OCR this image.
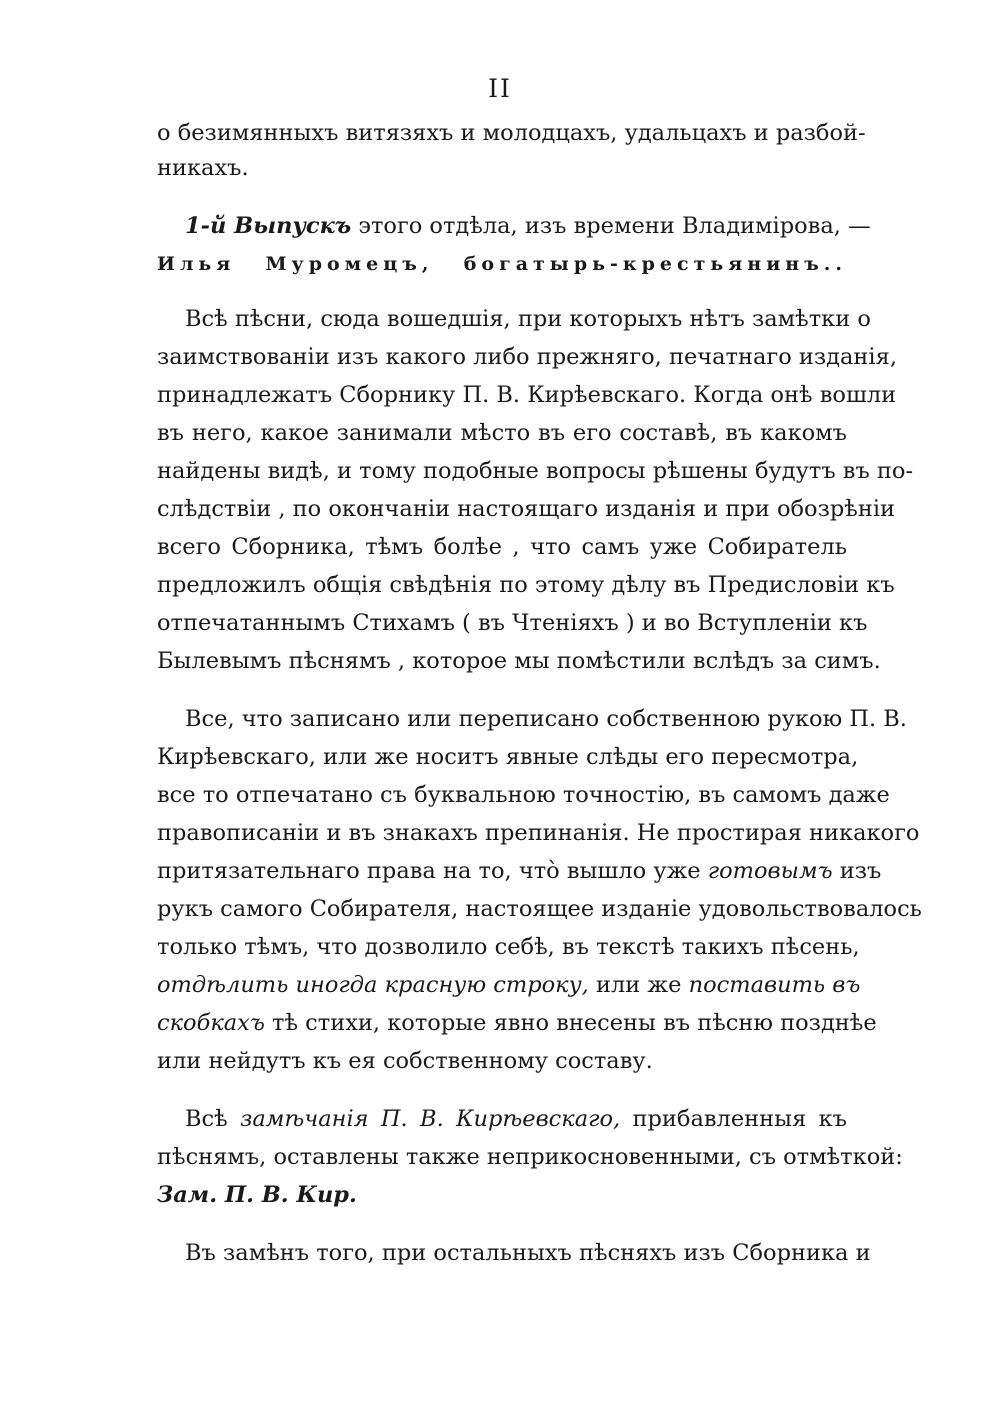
II
о безимянныхъ витязяхъ и молодцахъ, удальцахъ и разбой-
никахъ.
1-й Выпускъ этого отдѣла, изъ времени Владимірова, —
Илья Муромецъ, богатырь-крестьянинъ..
Всѣ пѣсни, сюда вошедшія, при которыхъ нѣтъ замѣтки о
заимствованіи изъ какого либо прежняго, печатнаго изданія,
принадлежатъ Сборнику П. В. Кирѣевскаго. Когда онѣ вошли
въ него, какое занимали мѣсто въ его составѣ, въ какомъ
найдены видѣ, и тому подобные вопросы рѣшены будутъ въ по-
слѣдствіи , по окончаніи настоящаго изданія и при обозрѣніи
всего Сборника, тѣмъ болѣе , что самъ уже Собиратель
предложилъ общія свѣдѣнія по этому дѣлу въ Предисловіи къ
отпечатаннымъ Стихамъ ( въ Чтеніяхъ ) и во Вступленіи къ
Былевымъ пѣснямъ , которое мы помѣстили вслѣдъ за симъ.
Все, что записано или переписано собственною рукою П. В.
Кирѣевскаго, или же носитъ явные слѣды его пересмотра,
все то отпечатано съ буквальною точностію, въ самомъ даже
правописаніи и въ знакахъ препинанія. Не простирая никакого
притязательнаго права на то, что̀ вышло уже готовымъ изъ
рукъ самого Собирателя, настоящее изданіе удовольствовалось
только тѣмъ, что дозволило себѣ, въ текстѣ такихъ пѣсень,
отдѣлить иногда красную строку, или же поставить въ
скобкахъ тѣ стихи, которые явно внесены въ пѣсню позднѣе
или нейдутъ къ ея собственному составу.
Всѣ замѣчанія П. В. Кирѣевскаго, прибавленныя къ
пѣснямъ, оставлены также неприкосновенными, съ отмѣткой:
Зам. П. В. Кир.
Въ замѣнъ того, при остальныхъ пѣсняхъ изъ Сборника и
